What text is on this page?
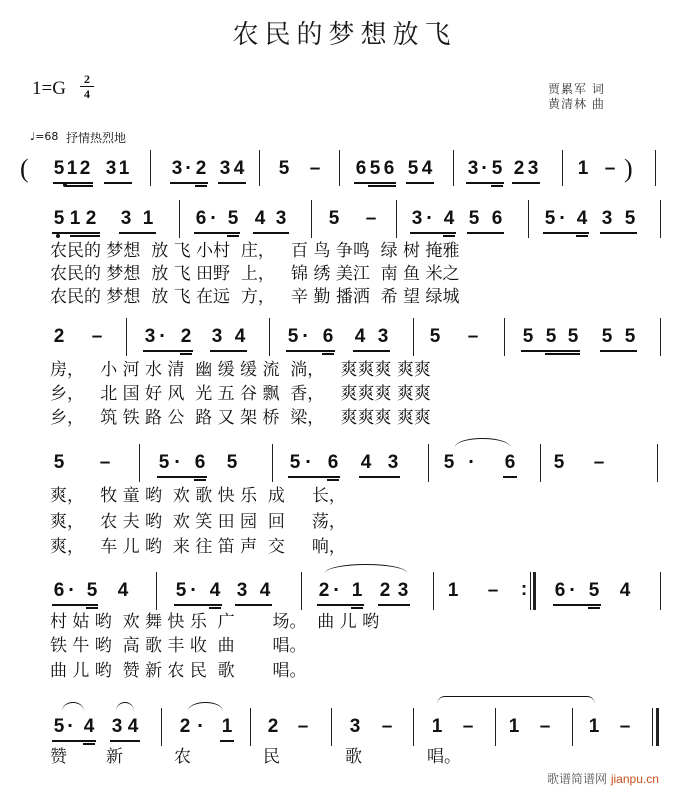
农民的梦想放飞
1=G	2
4	贾累军 词
黄清林 曲
♩=68 抒情热烈地
( 5 1 2 3 1 3 · 2 3 4 5 – 6 5 6 5 4 3 · 5 2 3 1 – )
5 1 2 3 1 6 · 5 4 3 5 – 3 · 4 5 6 5 · 4 3 5
农民的 梦想  放 飞 小村  庄，   百 鸟 争鸣  绿 树 掩雅
农民的 梦想  放 飞 田野  上，   锦 绣 美江  南 鱼 米之
农民的 梦想  放 飞 在远  方，   辛 勤 播洒  希 望 绿城
2 – 3 · 2 3 4 5 · 6 4 3 5 – 5 5 5 5 5
房，   小 河 水 清  幽 缓 缓 流  淌，   爽爽爽 爽爽
乡，   北 国 好 风  光 五 谷 飘  香，   爽爽爽 爽爽
乡，   筑 铁 路 公  路 又 架 桥  梁，   爽爽爽 爽爽
5 –	5 · 6 5	5 · 6 4 3 5 · 6 5 –
爽，   牧 童 哟  欢 歌 快 乐  成     长，
爽，   农 夫 哟  欢 笑 田 园  回     荡，
爽，   车 儿 哟  来 往 笛 声  交     响，
6 · 5 4 5 · 4 3 4	2 · 1 2 3 1 – : 6 · 5 4
村 姑 哟  欢 舞 快 乐  广       场。  曲 儿 哟
铁 牛 哟  高 歌 丰 收  曲       唱。
曲 儿 哟  赞 新 农 民  歌       唱。
5 · 4 3 4 2 · 1 2 – 3 – 1 – 1 – 1 –
赞 新	农	民	歌	唱。
歌谱简谱网 jianpu.cn
